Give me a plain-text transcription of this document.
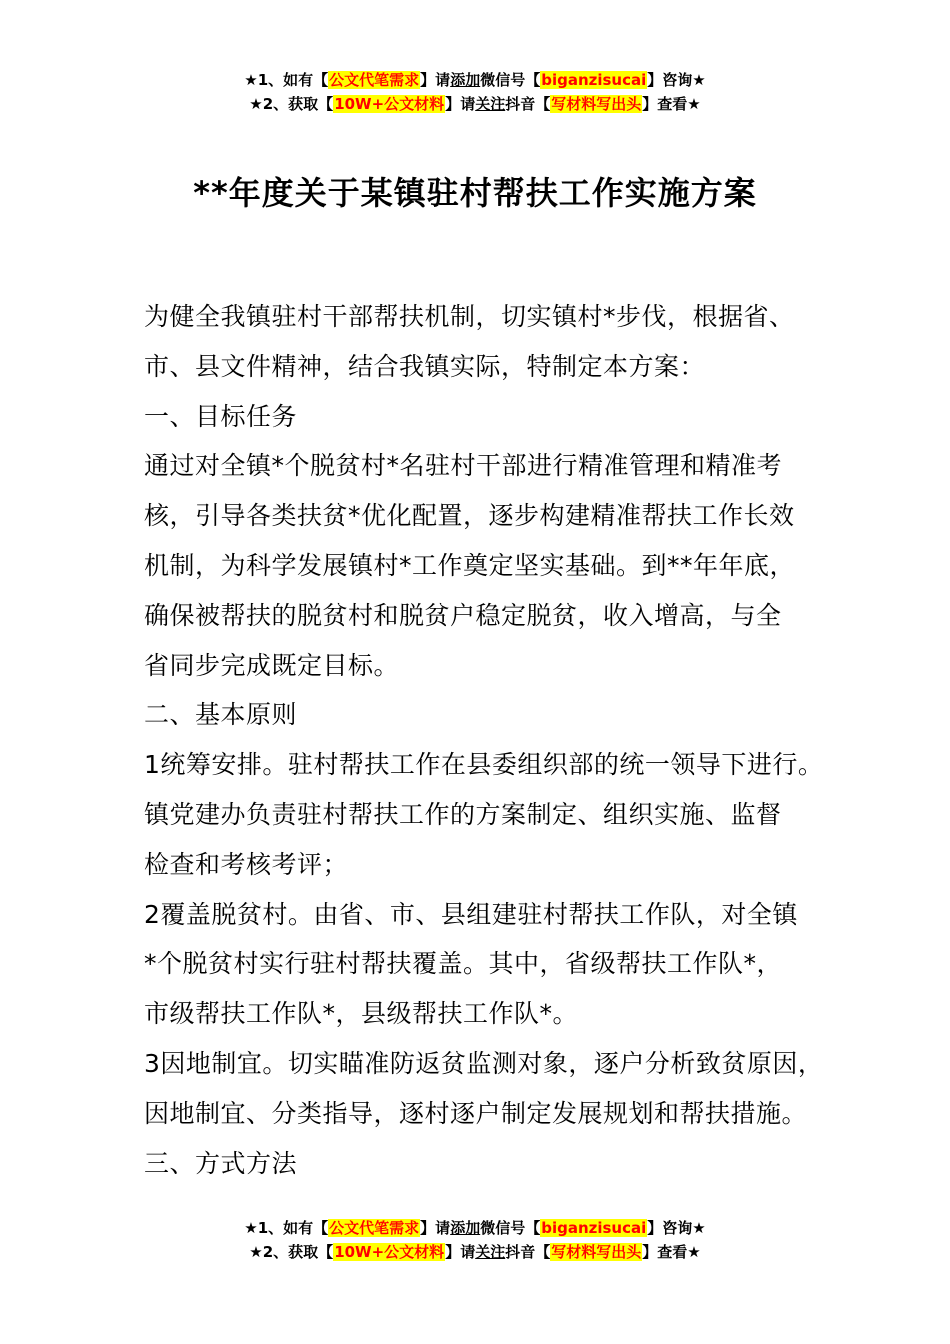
★1、如有【公文代笔需求】请添加微信号【biganzisucai】咨询★
★2、获取【10W+公文材料】请关注抖音【写材料写出头】查看★
**年度关于某镇驻村帮扶工作实施方案

为健全我镇驻村干部帮扶机制，切实镇村*步伐，根据省、

市、县文件精神，结合我镇实际，特制定本方案：

一、目标任务

通过对全镇*个脱贫村*名驻村干部进行精准管理和精准考

核，引导各类扶贫*优化配置，逐步构建精准帮扶工作长效

机制，为科学发展镇村*工作奠定坚实基础。到**年年底，

确保被帮扶的脱贫村和脱贫户稳定脱贫，收入增高，与全

省同步完成既定目标。

二、基本原则

1统筹安排。驻村帮扶工作在县委组织部的统一领导下进行。

镇党建办负责驻村帮扶工作的方案制定、组织实施、监督

检查和考核考评；

2覆盖脱贫村。由省、市、县组建驻村帮扶工作队，对全镇

*个脱贫村实行驻村帮扶覆盖。其中，省级帮扶工作队*，

市级帮扶工作队*，县级帮扶工作队*。

3因地制宜。切实瞄准防返贫监测对象，逐户分析致贫原因，

因地制宜、分类指导，逐村逐户制定发展规划和帮扶措施。

三、方式方法

★1、如有【公文代笔需求】请添加微信号【biganzisucai】咨询★
★2、获取【10W+公文材料】请关注抖音【写材料写出头】查看★
